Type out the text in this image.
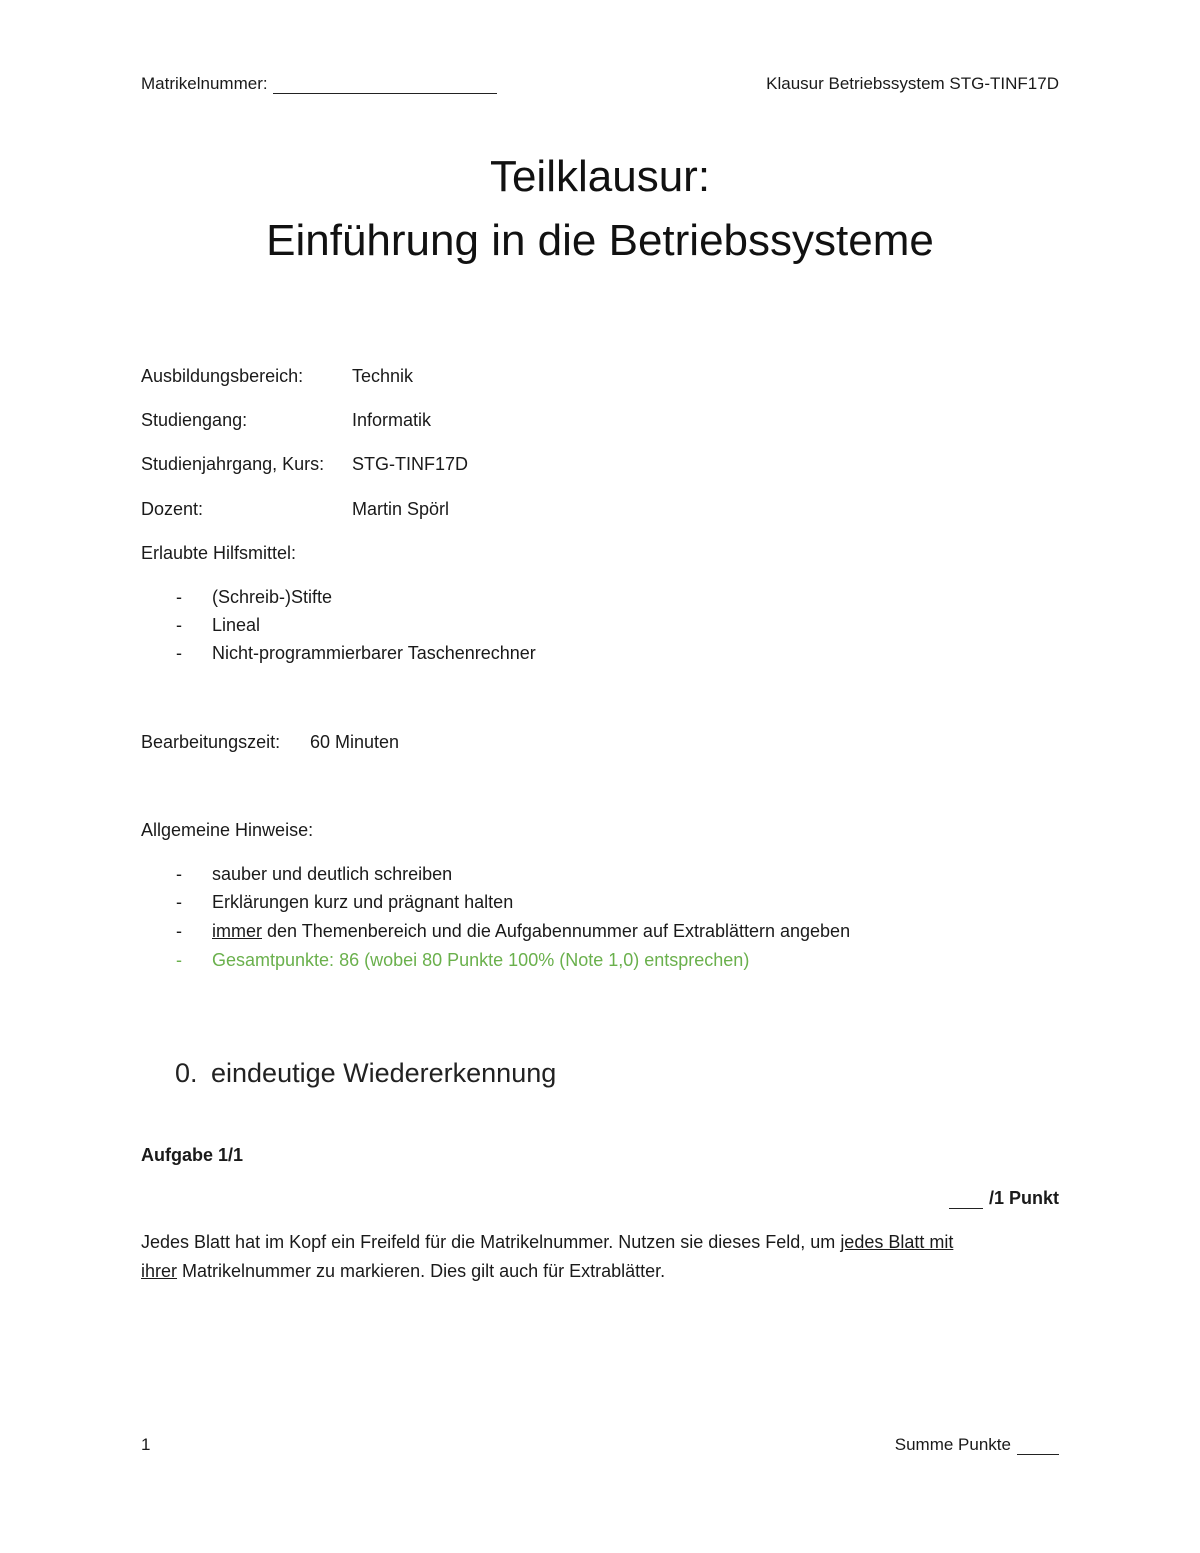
Matrikelnummer:	Klausur Betriebssystem STG-TINF17D
Teilklausur:
Einführung in die Betriebssysteme
Ausbildungsbereich:	Technik
Studiengang:	Informatik
Studienjahrgang, Kurs: STG-TINF17D
Dozent:	Martin Spörl
Erlaubte Hilfsmittel:
- (Schreib-)Stifte
- Lineal
- Nicht-programmierbarer Taschenrechner
Bearbeitungszeit: 60 Minuten
Allgemeine Hinweise:
- sauber und deutlich schreiben
- Erklärungen kurz und prägnant halten
- immer den Themenbereich und die Aufgabennummer auf Extrablättern angeben
- Gesamtpunkte: 86 (wobei 80 Punkte 100% (Note 1,0) entsprechen)
0. eindeutige Wiedererkennung
Aufgabe 1/1
/1 Punkt
Jedes Blatt hat im Kopf ein Freifeld für die Matrikelnummer. Nutzen sie dieses Feld, um jedes Blatt mit
ihrer Matrikelnummer zu markieren. Dies gilt auch für Extrablätter.
1	Summe Punkte
